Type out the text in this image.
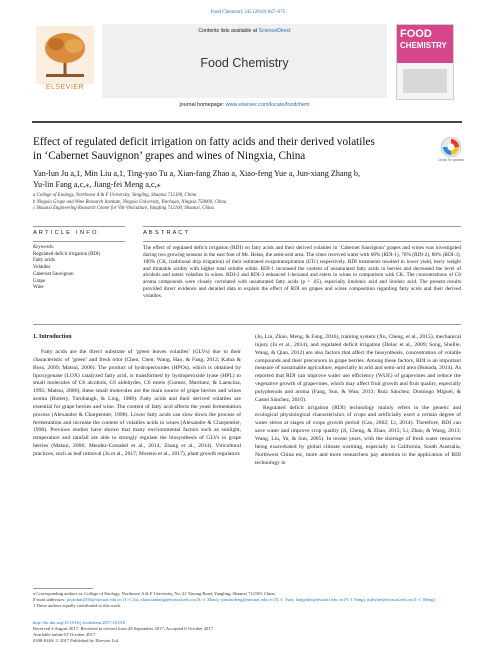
Food Chemistry 245 (2018) 647–675
ELSEVIER
Contents lists available at ScienceDirect
Food Chemistry
FOOD
CHEMISTRY
journal homepage: www.elsevier.com/locate/foodchem
Effect of regulated deficit irrigation on fatty acids and their derived volatiles
in ‘Cabernet Sauvignon’ grapes and wines of Ningxia, China	Check for updates
Yan-lun Ju a,1, Min Liu a,1, Ting-yao Tu a, Xian-fang Zhao a, Xiao-feng Yue a, Jun-xiang Zhang b,
Yu-lin Fang a,c,⁎, Jiang-fei Meng a,c,⁎
a College of Enology, Northwest A & F University, Yangling, Shaanxi 712100, China
b Ningxia Grape and Wine Research Institute, Ningxia University, Yinchuan, Ningxia 750000, China
c Shaanxi Engineering Research Center for Viti-Viniculture, Yangling 712100, Shaanxi, China
A R T I C L E   I N F O	A B S T R A C T
Keywords:
Regulated deficit irrigation (RDI)
Fatty acids
Volatiles
Cabernet Sauvignon
Grape
Wine
The effect of regulated deficit irrigation (RDI) on fatty acids and their derived volatiles in ‘Cabernet Sauvignon’ grapes and wines was investigated during two growing seasons in the east foot of Mt. Helan, the semi-arid area. The vines received water with 60% (RDI-1), 70% (RDI-2), 80% (RDI-3), 100% (CK, traditional drip irrigation) of their estimated evapotranspiration (ETc) respectively. RDI treatments resulted in lower yield, berry weight and titratable acidity with higher total soluble solids. RDI-1 increased the content of unsaturated fatty acids in berries and decreased the level of alcohols and esters volatiles in wines. RDI-2 and RDI-3 enhanced 1-hexanol and esters in wines in comparison with CK. The concentrations of C6 aroma compounds were closely correlated with unsaturated fatty acids (p < .05), especially linolenic acid and linoleic acid. The present results provided direct evidence and detailed data to explain the effect of RDI on grapes and wines composition regarding fatty acids and their derived volatiles.
1. Introduction
Fatty acids are the direct substrate of ‘green leaves volatiles’ (GLVs) due to their characteristic of ‘green’ and fresh odor (Chen, Chen, Wang, Hao, & Fang, 2012; Kalua & Boss, 2009; Matsui, 2006). The product of hydroperoxides (HPOs), which is obtained by lipoxygenase (LOX) catalyzed fatty acid, is transformed by hydroperoxide lyase (HPL) to small molecules of C6 alcohols, C6 aldehydes, C6 esters (Gomez, Martinez, & Laencina, 1995; Matsui, 2006), these small molecules are the main source of grape berries and wines aroma (Buttery, Turnbaugh, & Ling, 1988). Fatty acids and their derived volatiles are essential for grape berries and wine. The content of fatty acid affects the yeast fermentation process (Alexandre & Charpentier, 1998). Lower fatty acids can slow down the process of fermentation and increase the content of volatiles acids in wines (Alexandre & Charpentier, 1998). Previous studies have shown that many environmental factors such as sunlight, temperature and rainfall are able to strongly regulate the biosynthesis of GLVs in grape berries (Matsui, 2006; Mendez-Costabel et al., 2014; Zhang et al., 2014). Viticultural practices, such as leaf removal (Ju et al., 2017; Moreno et al., 2017), plant growth regulators
(Ju, Liu, Zhao, Meng, & Fang, 2016), training system (Xu, Cheng, et al., 2015), mechanical injury (Ju et al., 2014), and regulated deficit irrigation (Deluc et al., 2009; Song, Shellie, Wang, & Qian, 2012) are also factors that affect the biosynthesis, concentration of volatile compounds and their precursors in grape berries. Among these factors, RDI is an important measure of sustainable agriculture, especially in arid and semi-arid area (Bonada, 2014). As reported that RDI can improve water use efficiency (WUE) of grapevines and reduce the vegetative growth of grapevines, which may affect fruit growth and fruit quality, especially polyphenols and aroma (Fang, Sun, & Wan, 2013; Ruiz Sánchez, Domingo Miguel, & Castel Sánchez, 2010).
Regulated deficit irrigation (RDI) technology mainly refers to the genetic and ecological physiological characteristics of crops and artificially exert a certain degree of water stress at stages of crops growth period (Cao, 2002; Li, 2014). Therefore, RDI can save water and improve crop quality (Ji, Cheng, & Zhao, 2015; Li, Zhao, & Wang, 2013; Wang, Liu, Yu, & Sun, 2005). In recent years, with the shortage of fresh water resources being exacerbated by global climate warming, especially in California, South Australia, Northwest China etc, more and more researchers pay attention to the application of RDI technology in
⁎ Corresponding authors at: College of Enology, Northwest A & F University, No. 22 Xinong Road, Yangling, Shaanxi 712100, China.
E-mail addresses: juyanlun2016@nwsuaf.edu.cn (Y.-l. Ju), zhaoxianfang@nwsuaf.edu.cn (X.-f. Zhao), yuexiaofeng@nwsuaf.edu.cn (X.-f. Yue), fangyulin@nwsuaf.edu.cn (Y.-l. Fang), mjfwine@nwsuaf.edu.cn (J.-f. Meng).
1 These authors equally contributed to this work.
http://dx.doi.org/10.1016/j.foodchem.2017.10.018
Received 4 August 2017; Received in revised form 29 September 2017; Accepted 6 October 2017
Available online 07 October 2017
0308-8146/ © 2017 Published by Elsevier Ltd.
